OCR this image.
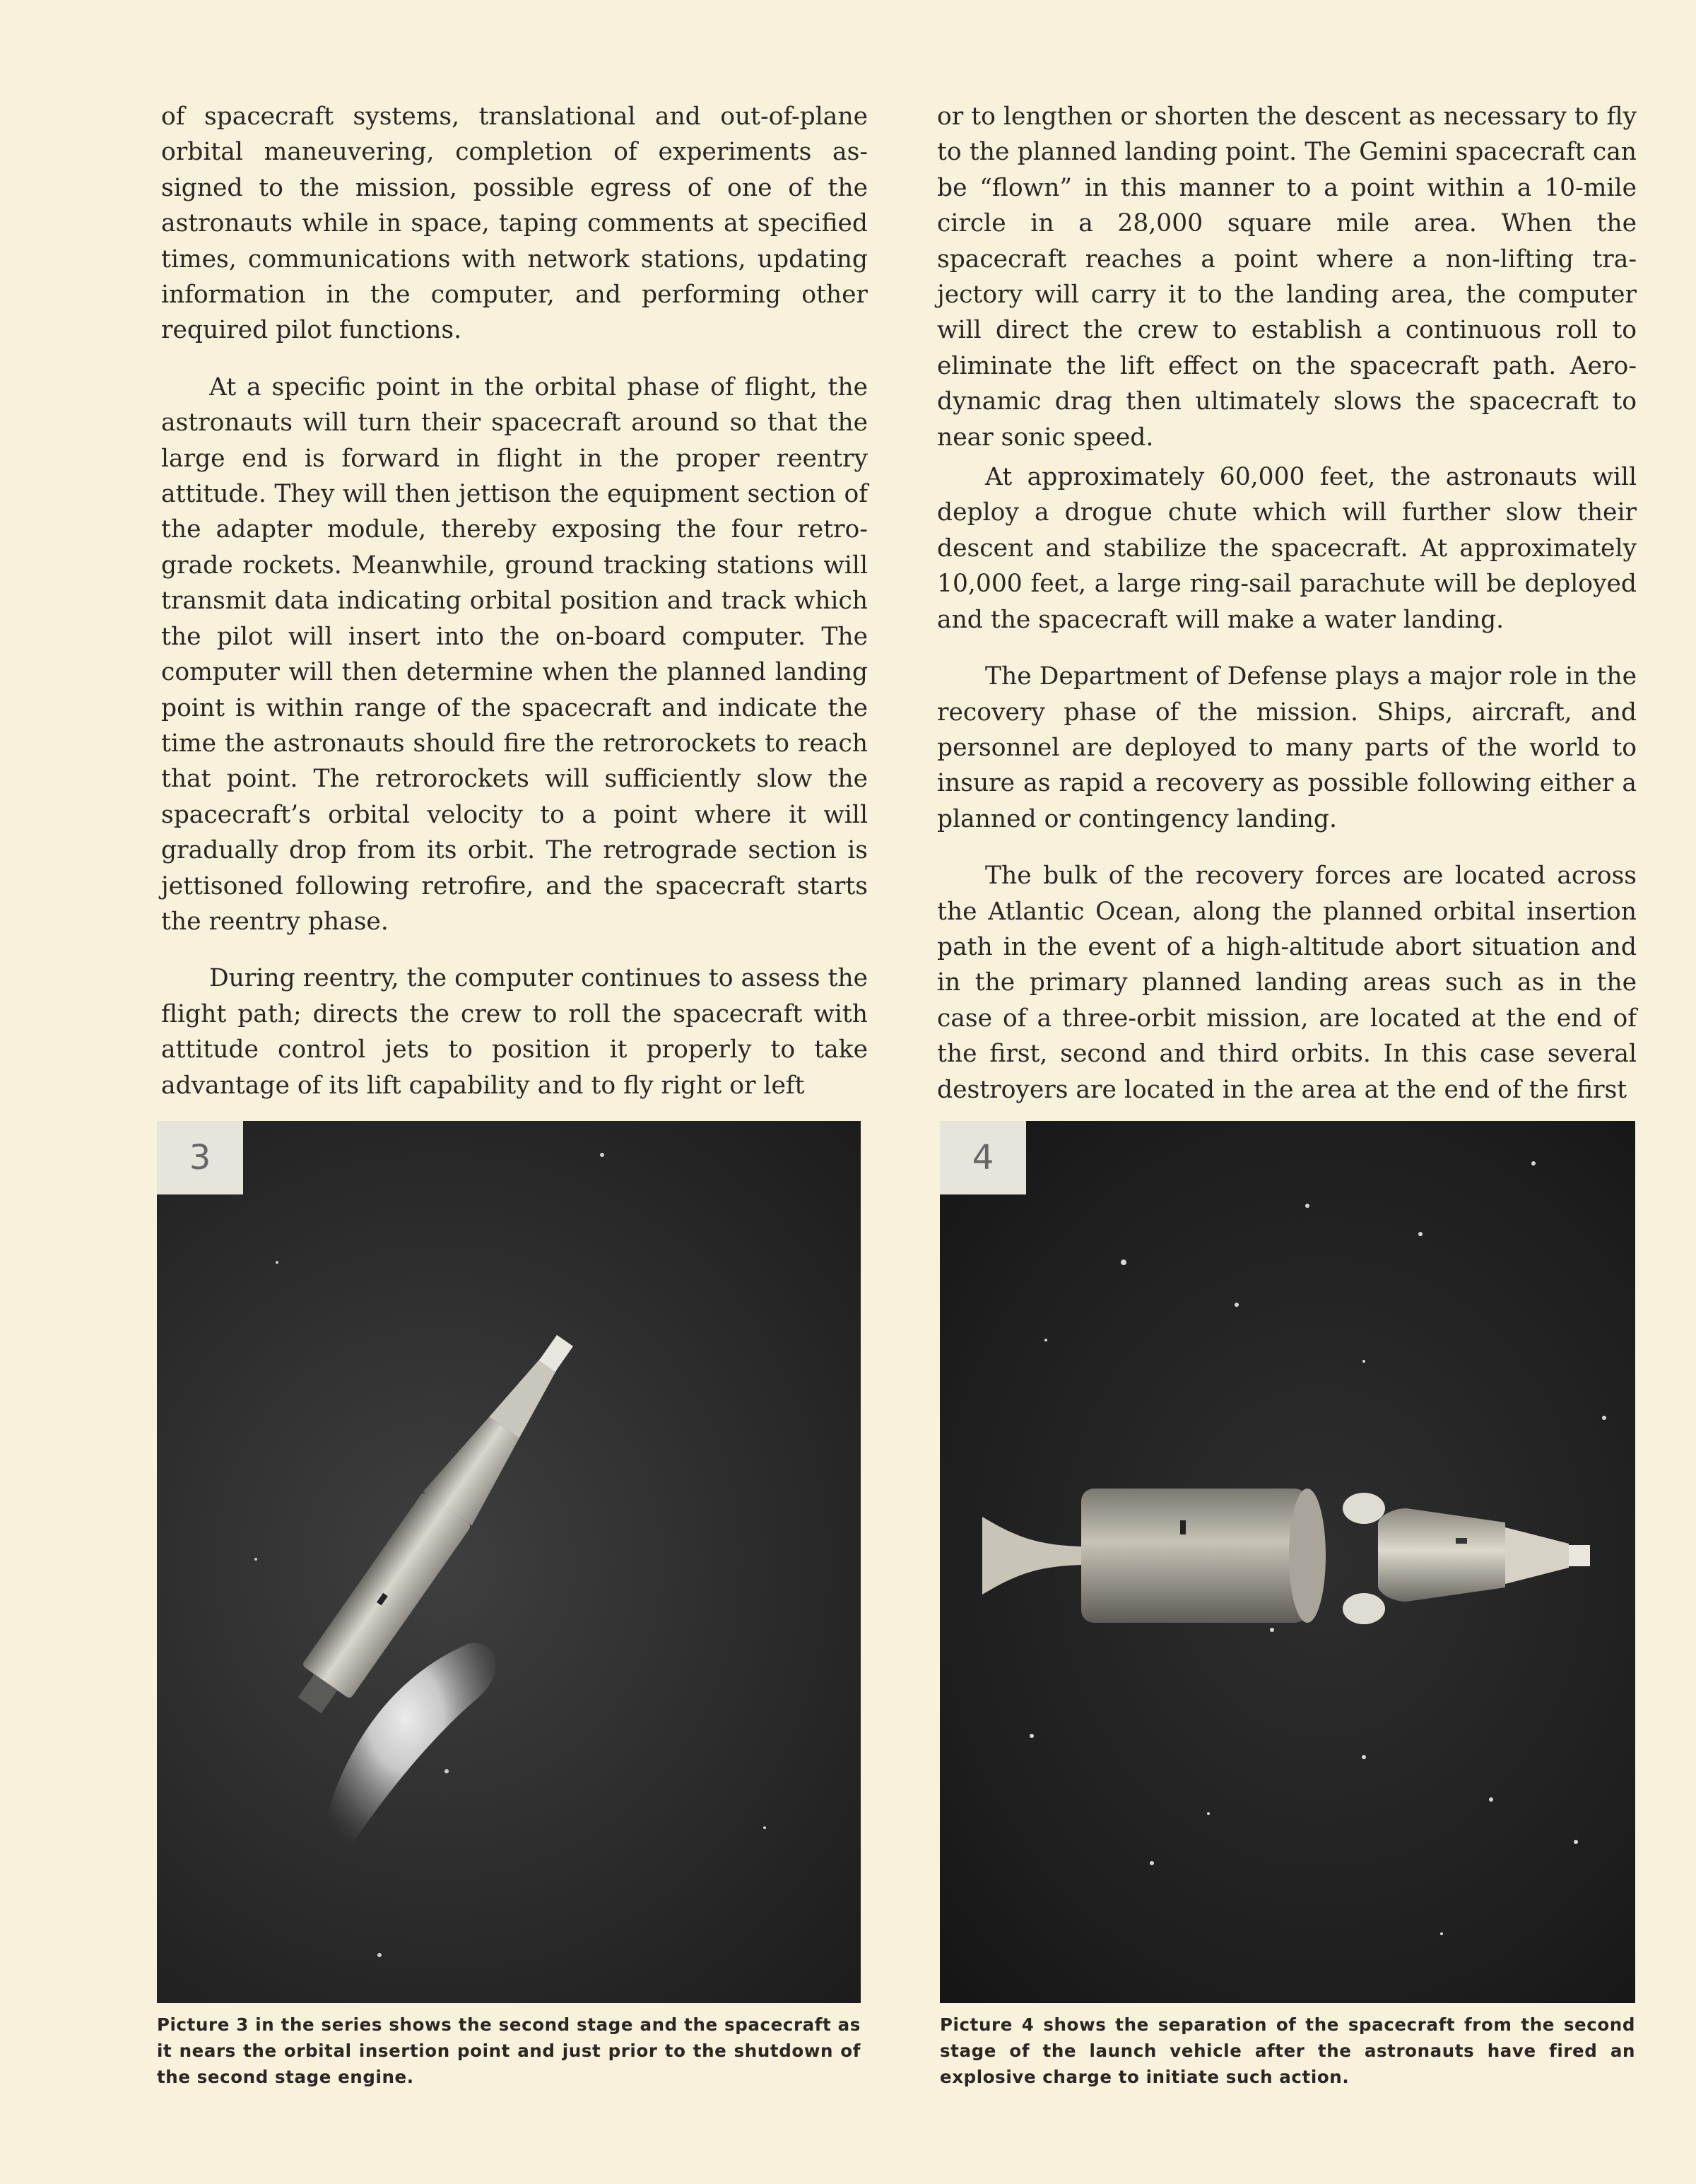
of spacecraft systems, translational and out-of-plane orbital maneuvering, completion of experiments assigned to the mission, possible egress of one of the astronauts while in space, taping comments at specified times, communications with network stations, updating information in the computer, and performing other required pilot functions.

At a specific point in the orbital phase of flight, the astronauts will turn their spacecraft around so that the large end is forward in flight in the proper reentry attitude. They will then jettison the equipment section of the adapter module, thereby exposing the four retrograde rockets. Meanwhile, ground tracking stations will transmit data indicating orbital position and track which the pilot will insert into the on-board computer. The computer will then determine when the planned landing point is within range of the spacecraft and indicate the time the astronauts should fire the retrorockets to reach that point. The retrorockets will sufficiently slow the spacecraft’s orbital velocity to a point where it will gradually drop from its orbit. The retrograde section is jettisoned following retrofire, and the spacecraft starts the reentry phase.

During reentry, the computer continues to assess the flight path; directs the crew to roll the spacecraft with attitude control jets to position it properly to take advantage of its lift capability and to fly right or left

or to lengthen or shorten the descent as necessary to fly to the planned landing point. The Gemini spacecraft can be “flown” in this manner to a point within a 10-mile circle in a 28,000 square mile area. When the spacecraft reaches a point where a non-lifting trajectory will carry it to the landing area, the computer will direct the crew to establish a continuous roll to eliminate the lift effect on the spacecraft path. Aerodynamic drag then ultimately slows the spacecraft to near sonic speed.

At approximately 60,000 feet, the astronauts will deploy a drogue chute which will further slow their descent and stabilize the spacecraft. At approximately 10,000 feet, a large ring-sail parachute will be deployed and the spacecraft will make a water landing.

The Department of Defense plays a major role in the recovery phase of the mission. Ships, aircraft, and personnel are deployed to many parts of the world to insure as rapid a recovery as possible following either a planned or contingency landing.

The bulk of the recovery forces are located across the Atlantic Ocean, along the planned orbital insertion path in the event of a high-altitude abort situation and in the primary planned landing areas such as in the case of a three-orbit mission, are located at the end of the first, second and third orbits. In this case several destroyers are located in the area at the end of the first

3	4
Picture 3 in the series shows the second stage and the spacecraft as it nears the orbital insertion point and just prior to the shutdown of the second stage engine.
Picture 4 shows the separation of the spacecraft from the second stage of the launch vehicle after the astronauts have fired an explosive charge to initiate such action.
